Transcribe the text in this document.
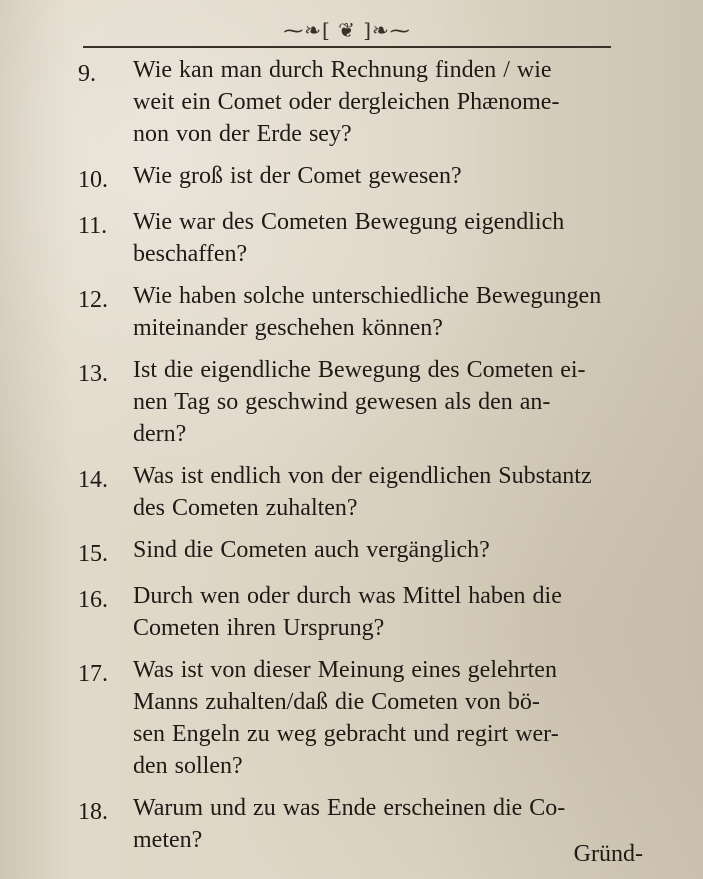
⁓❧[ ❦ ]❧⁓
9.	Wie kan man durch Rechnung finden / wie
weit ein Comet oder dergleichen Phænome-
non von der Erde sey?
10.	Wie groß ist der Comet gewesen?
11.	Wie war des Cometen Bewegung eigendlich
beschaffen?
12.	Wie haben solche unterschiedliche Bewegungen
miteinander geschehen können?
13.	Ist die eigendliche Bewegung des Cometen ei-
nen Tag so geschwind gewesen als den an-
dern?
14.	Was ist endlich von der eigendlichen Substantz
des Cometen zuhalten?
15.	Sind die Cometen auch vergänglich?
16.	Durch wen oder durch was Mittel haben die
Cometen ihren Ursprung?
17.	Was ist von dieser Meinung eines gelehrten
Manns zuhalten/daß die Cometen von bö-
sen Engeln zu weg gebracht und regirt wer-
den sollen?
18.	Warum und zu was Ende erscheinen die Co-
meten?
Gründ-
